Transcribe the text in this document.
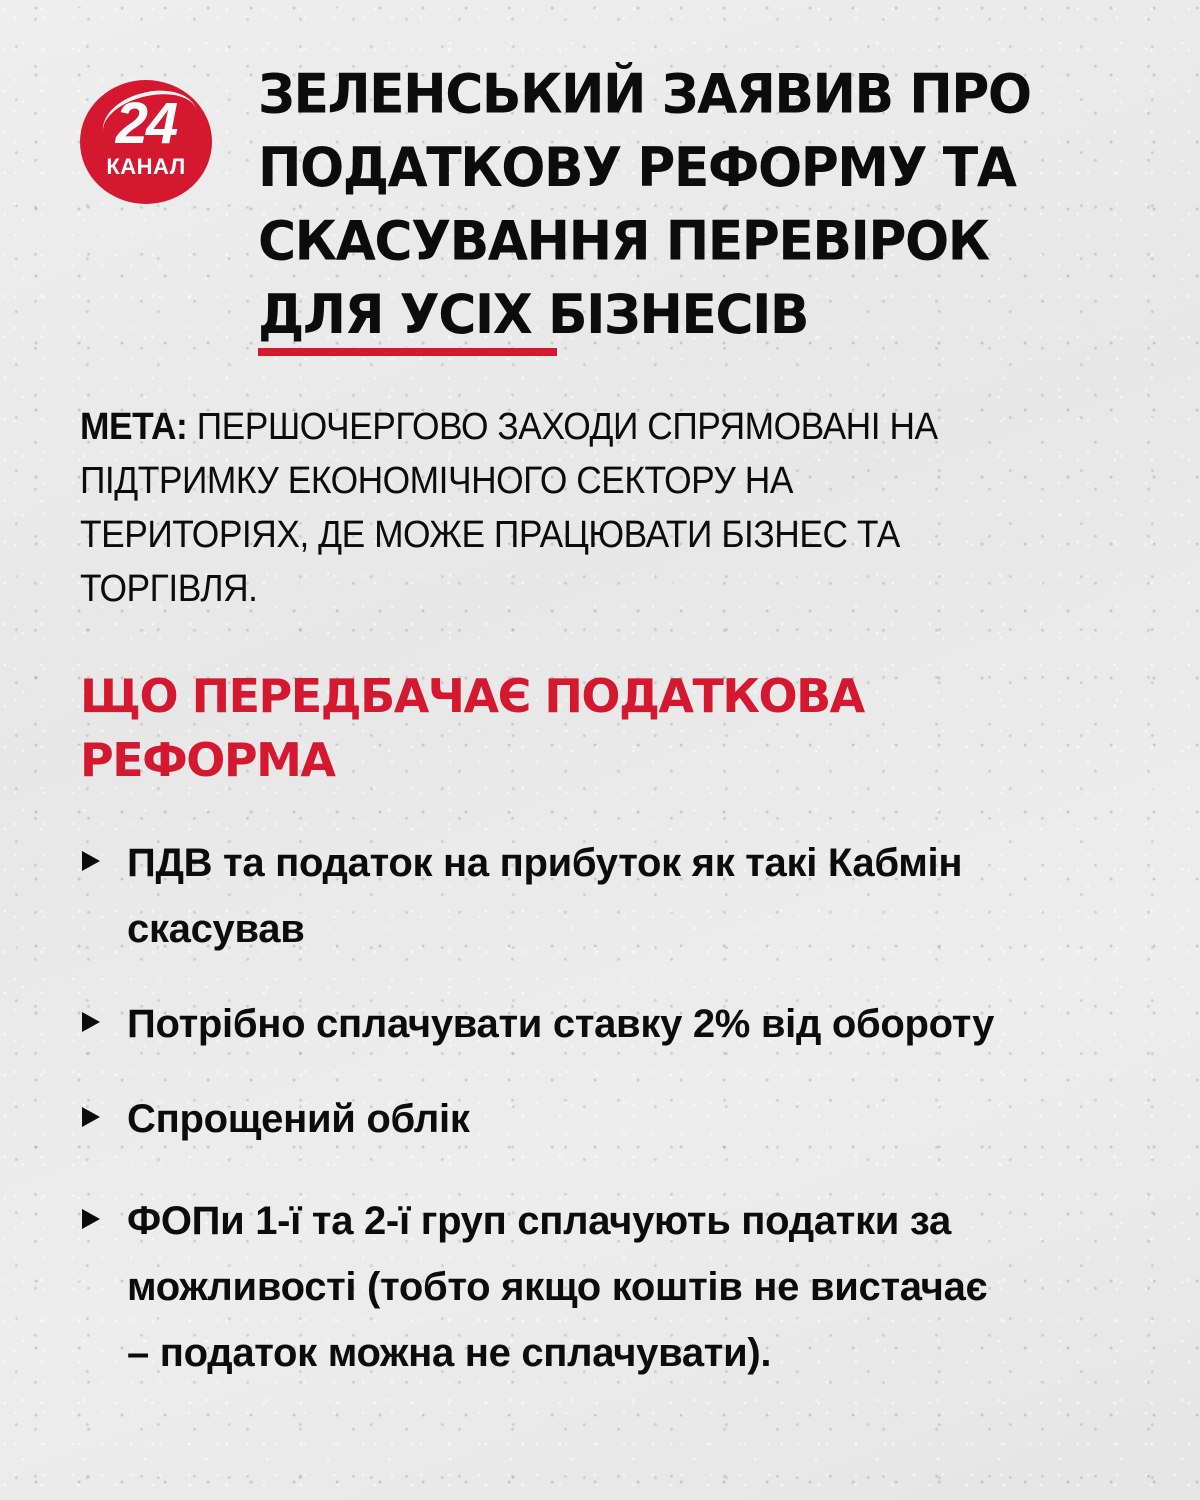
24
КАНАЛ
ЗЕЛЕНСЬКИЙ ЗАЯВИВ ПРО
ПОДАТКОВУ РЕФОРМУ ТА
СКАСУВАННЯ ПЕРЕВІРОК
ДЛЯ УСІХ БІЗНЕСІВ

МЕТА: ПЕРШОЧЕРГОВО ЗАХОДИ СПРЯМОВАНІ НА
ПІДТРИМКУ ЕКОНОМІЧНОГО СЕКТОРУ НА
ТЕРИТОРІЯХ, ДЕ МОЖЕ ПРАЦЮВАТИ БІЗНЕС ТА
ТОРГІВЛЯ.

ЩО ПЕРЕДБАЧАЄ ПОДАТКОВА
РЕФОРМА
ПДВ та податок на прибуток як такі Кабмін
скасував
Потрібно сплачувати ставку 2% від обороту
Спрощений облік
ФОПи 1-ї та 2-ї груп сплачують податки за
можливості (тобто якщо коштів не вистачає
– податок можна не сплачувати).
